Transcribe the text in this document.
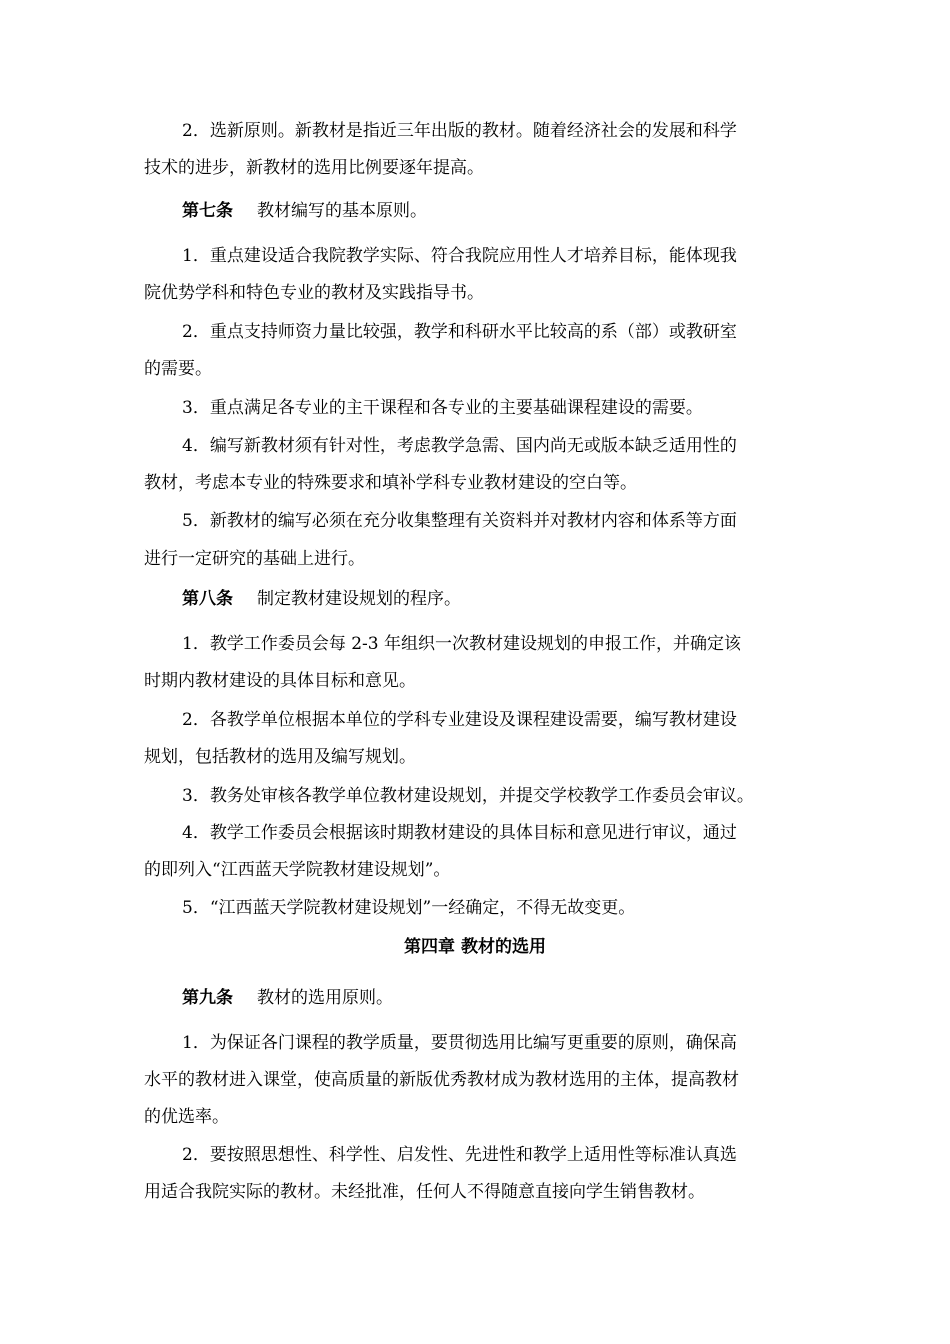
2．选新原则。新教材是指近三年出版的教材。随着经济社会的发展和科学
技术的进步，新教材的选用比例要逐年提高。
第七条 教材编写的基本原则。
1．重点建设适合我院教学实际、符合我院应用性人才培养目标，能体现我
院优势学科和特色专业的教材及实践指导书。
2．重点支持师资力量比较强，教学和科研水平比较高的系（部）或教研室
的需要。
3．重点满足各专业的主干课程和各专业的主要基础课程建设的需要。
4．编写新教材须有针对性，考虑教学急需、国内尚无或版本缺乏适用性的
教材，考虑本专业的特殊要求和填补学科专业教材建设的空白等。
5．新教材的编写必须在充分收集整理有关资料并对教材内容和体系等方面
进行一定研究的基础上进行。
第八条 制定教材建设规划的程序。
1．教学工作委员会每 2-3 年组织一次教材建设规划的申报工作，并确定该
时期内教材建设的具体目标和意见。
2．各教学单位根据本单位的学科专业建设及课程建设需要，编写教材建设
规划，包括教材的选用及编写规划。
3．教务处审核各教学单位教材建设规划，并提交学校教学工作委员会审议。
4．教学工作委员会根据该时期教材建设的具体目标和意见进行审议，通过
的即列入“江西蓝天学院教材建设规划”。
5．“江西蓝天学院教材建设规划”一经确定，不得无故变更。
第四章 教材的选用
第九条 教材的选用原则。
1．为保证各门课程的教学质量，要贯彻选用比编写更重要的原则，确保高
水平的教材进入课堂，使高质量的新版优秀教材成为教材选用的主体，提高教材
的优选率。
2．要按照思想性、科学性、启发性、先进性和教学上适用性等标准认真选
用适合我院实际的教材。未经批准，任何人不得随意直接向学生销售教材。
